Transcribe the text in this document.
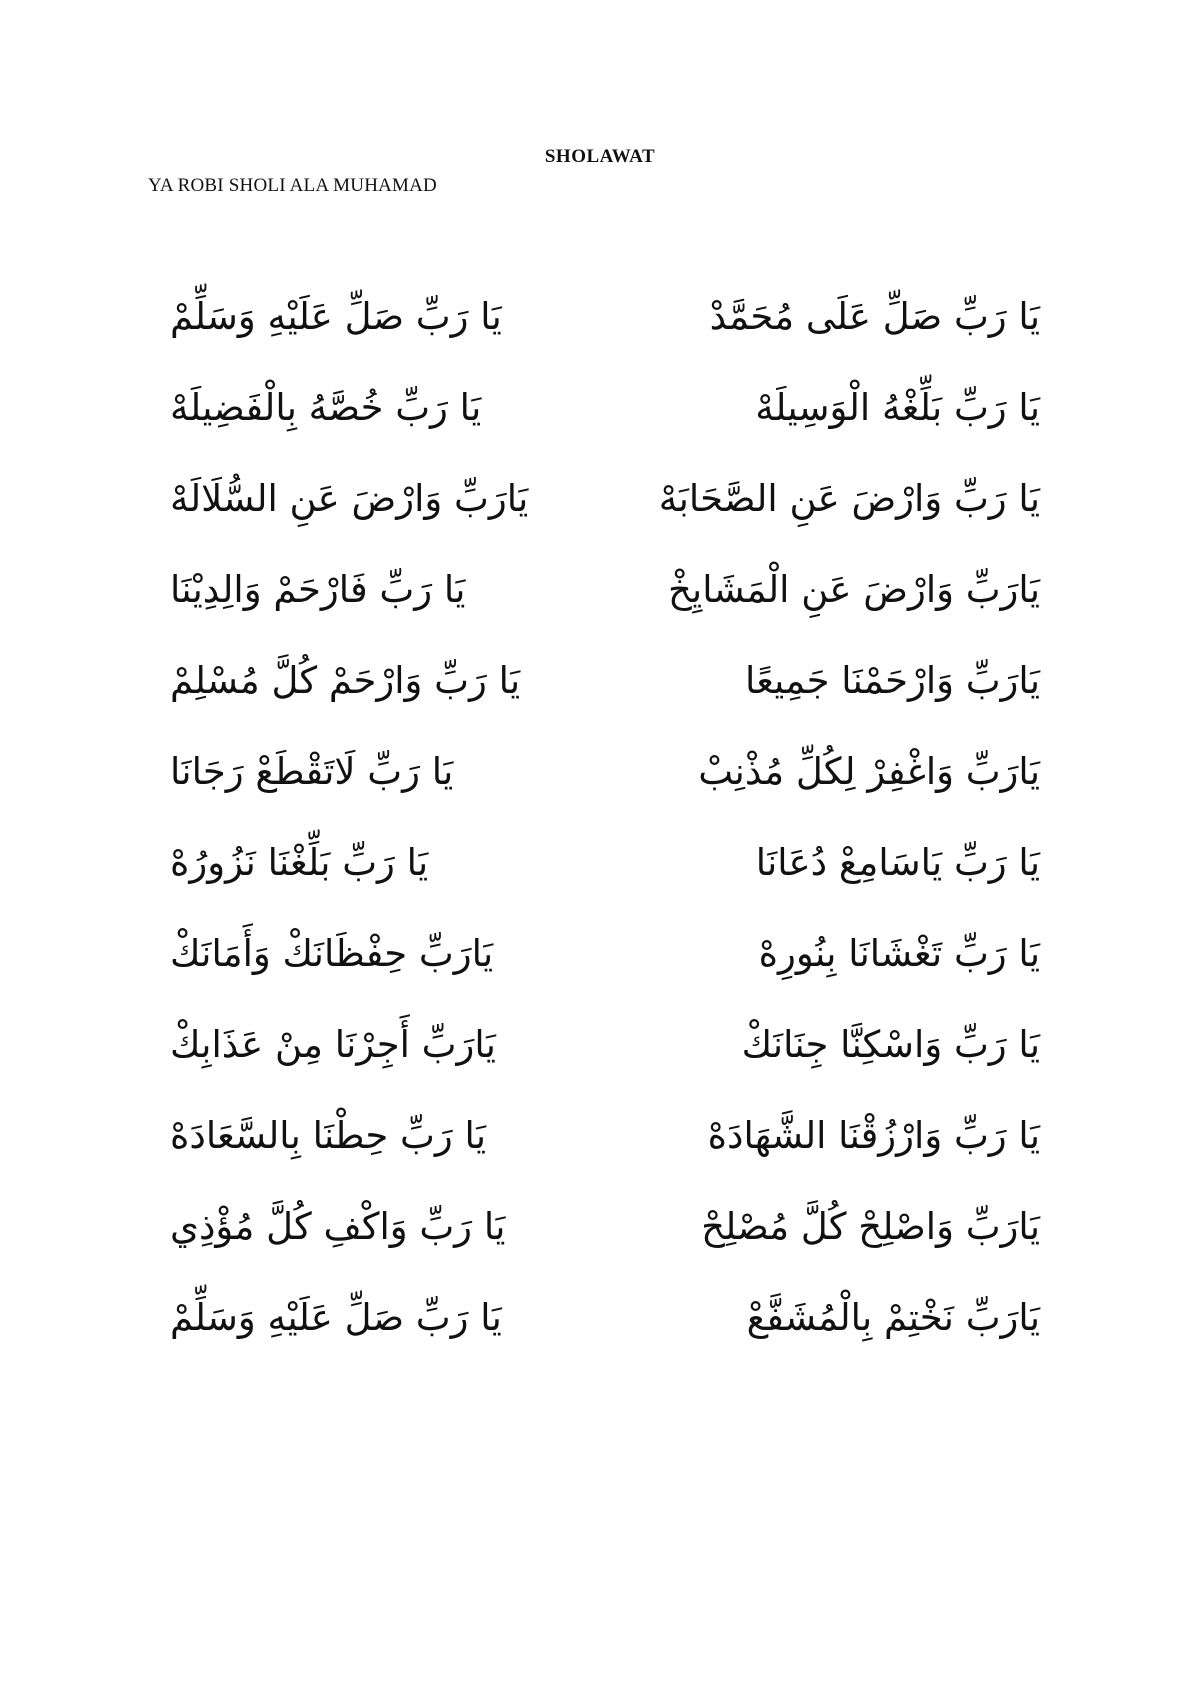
SHOLAWAT
YA ROBI SHOLI ALA MUHAMAD
يَا رَبِّ صَلِّ عَلَى مُحَمَّدْ
يَا رَبِّ صَلِّ عَلَيْهِ وَسَلِّمْ
يَا رَبِّ بَلِّغْهُ الْوَسِيلَهْ
يَا رَبِّ خُصَّهُ بِالْفَضِيلَهْ
يَا رَبِّ وَارْضَ عَنِ الصَّحَابَهْ
يَارَبِّ وَارْضَ عَنِ السُّلَالَهْ
يَارَبِّ وَارْضَ عَنِ الْمَشَايِخْ
يَا رَبِّ فَارْحَمْ وَالِدِيْنَا
يَارَبِّ وَارْحَمْنَا جَمِيعًا
يَا رَبِّ وَارْحَمْ كُلَّ مُسْلِمْ
يَارَبِّ وَاغْفِرْ لِكُلِّ مُذْنِبْ
يَا رَبِّ لَاتَقْطَعْ رَجَانَا
يَا رَبِّ يَاسَامِعْ دُعَانَا
يَا رَبِّ بَلِّغْنَا نَزُورُهْ
يَا رَبِّ تَغْشَانَا بِنُورِهْ
يَارَبِّ حِفْظَانَكْ وَأَمَانَكْ
يَا رَبِّ وَاسْكِنَّا جِنَانَكْ
يَارَبِّ أَجِرْنَا مِنْ عَذَابِكْ
يَا رَبِّ وَارْزُقْنَا الشَّهَادَهْ
يَا رَبِّ حِطْنَا بِالسَّعَادَهْ
يَارَبِّ وَاصْلِحْ كُلَّ مُصْلِحْ
يَا رَبِّ وَاكْفِ كُلَّ مُؤْذِي
يَارَبِّ نَخْتِمْ بِالْمُشَفَّعْ
يَا رَبِّ صَلِّ عَلَيْهِ وَسَلِّمْ
